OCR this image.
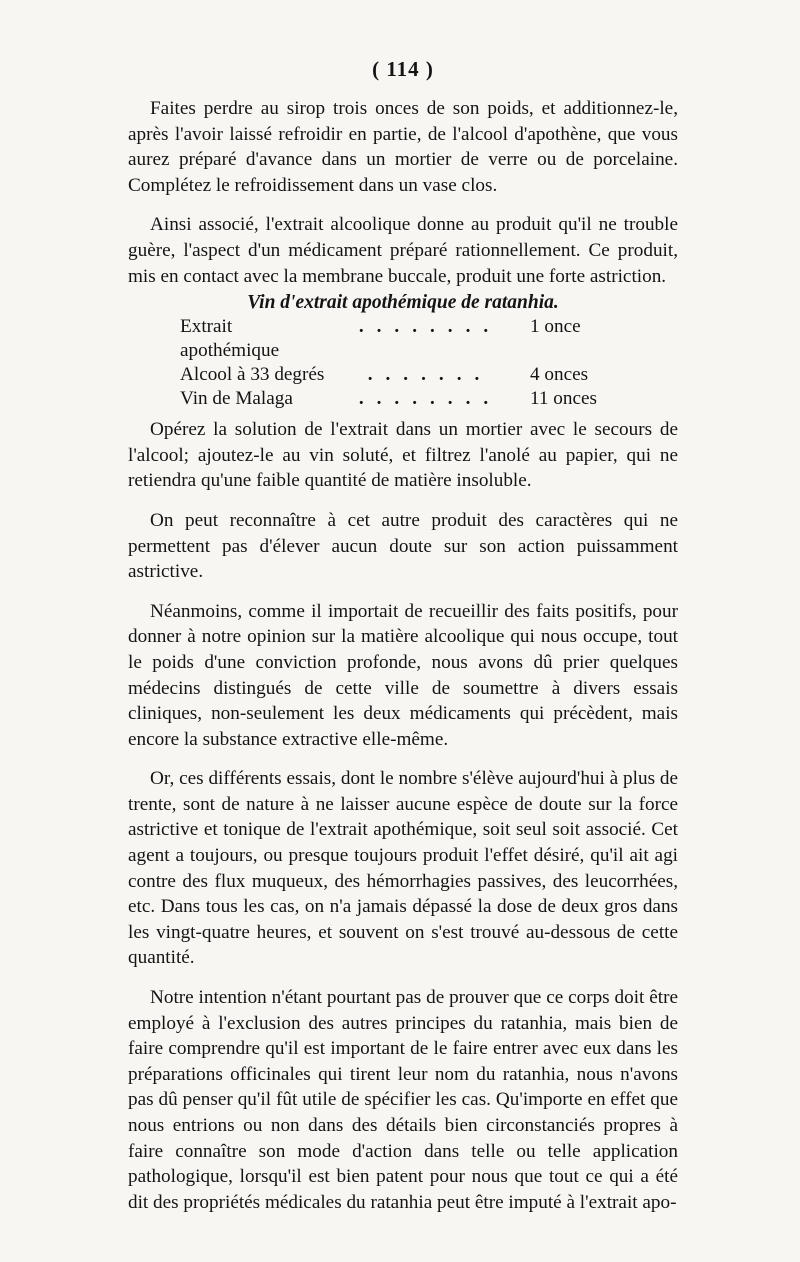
( 114 )

Faites perdre au sirop trois onces de son poids, et additionnez-le, après l'avoir laissé refroidir en partie, de l'alcool d'apothène, que vous aurez préparé d'avance dans un mortier de verre ou de porcelaine. Complétez le refroidissement dans un vase clos.

Ainsi associé, l'extrait alcoolique donne au produit qu'il ne trouble guère, l'aspect d'un médicament préparé rationnellement. Ce produit, mis en contact avec la membrane buccale, produit une forte astriction.

Vin d'extrait apothémique de ratanhia.
Extrait apothémique	........	1 once
Alcool à 33 degrés	.......	4 onces
Vin de Malaga	........	11 onces

Opérez la solution de l'extrait dans un mortier avec le secours de l'alcool; ajoutez-le au vin soluté, et filtrez l'anolé au papier, qui ne retiendra qu'une faible quantité de matière insoluble.

On peut reconnaître à cet autre produit des caractères qui ne permettent pas d'élever aucun doute sur son action puissamment astrictive.

Néanmoins, comme il importait de recueillir des faits positifs, pour donner à notre opinion sur la matière alcoolique qui nous occupe, tout le poids d'une conviction profonde, nous avons dû prier quelques médecins distingués de cette ville de soumettre à divers essais cliniques, non-seulement les deux médicaments qui précèdent, mais encore la substance extractive elle-même.

Or, ces différents essais, dont le nombre s'élève aujourd'hui à plus de trente, sont de nature à ne laisser aucune espèce de doute sur la force astrictive et tonique de l'extrait apothémique, soit seul soit associé. Cet agent a toujours, ou presque toujours produit l'effet désiré, qu'il ait agi contre des flux muqueux, des hémorrhagies passives, des leucorrhées, etc. Dans tous les cas, on n'a jamais dépassé la dose de deux gros dans les vingt-quatre heures, et souvent on s'est trouvé au-dessous de cette quantité.

Notre intention n'étant pourtant pas de prouver que ce corps doit être employé à l'exclusion des autres principes du ratanhia, mais bien de faire comprendre qu'il est important de le faire entrer avec eux dans les préparations officinales qui tirent leur nom du ratanhia, nous n'avons pas dû penser qu'il fût utile de spécifier les cas. Qu'importe en effet que nous entrions ou non dans des détails bien circonstanciés propres à faire connaître son mode d'action dans telle ou telle application pathologique, lorsqu'il est bien patent pour nous que tout ce qui a été dit des propriétés médicales du ratanhia peut être imputé à l'extrait apo-
